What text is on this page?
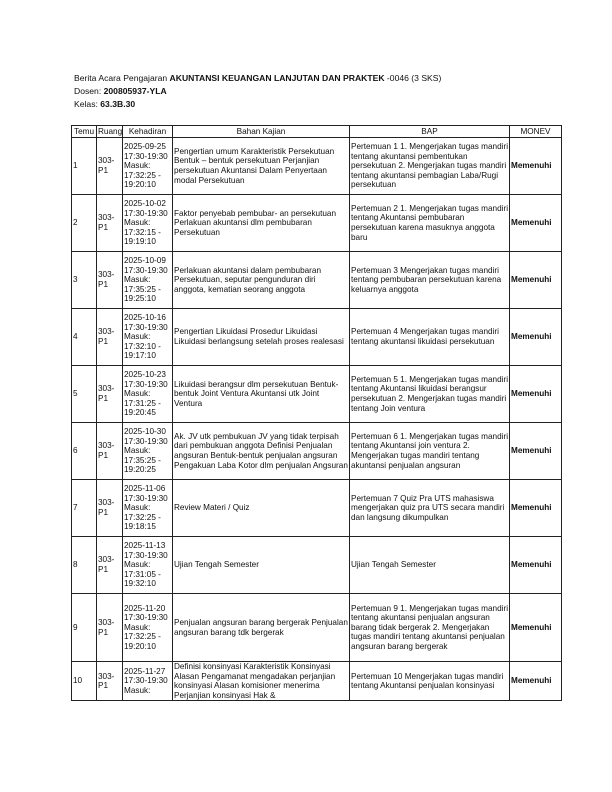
Berita Acara Pengajaran AKUNTANSI KEUANGAN LANJUTAN DAN PRAKTEK -0046 (3 SKS)
Dosen: 200805937-YLA
Kelas: 63.3B.30
Temu	Ruang	Kehadiran	Bahan Kajian	BAP	MONEV
1	303-P1	2025-09-25 17:30-19:30 Masuk: 17:32:25 - 19:20:10	Pengertian umum Karakteristik Persekutuan Bentuk – bentuk persekutuan Perjanjian persekutuan Akuntansi Dalam Penyertaan modal Persekutuan	Pertemuan 1 1. Mengerjakan tugas mandiri tentang akuntansi pembentukan persekutuan 2. Mengerjakan tugas mandiri tentang akuntansi pembagian Laba/Rugi persekutuan	Memenuhi
2	303-P1	2025-10-02 17:30-19:30 Masuk: 17:32:15 - 19:19:10	Faktor penyebab pembubar- an persekutuan Perlakuan akuntansi dlm pembubaran Persekutuan	Pertemuan 2 1. Mengerjakan tugas mandiri tentang Akuntansi pembubaran persekutuan karena masuknya anggota baru	Memenuhi
3	303-P1	2025-10-09 17:30-19:30 Masuk: 17:35:25 - 19:25:10	Perlakuan akuntansi dalam pembubaran Persekutuan, seputar pengunduran diri anggota, kematian seorang anggota	Pertemuan 3 Mengerjakan tugas mandiri tentang pembubaran persekutuan karena keluarnya anggota	Memenuhi
4	303-P1	2025-10-16 17:30-19:30 Masuk: 17:32:10 - 19:17:10	Pengertian Likuidasi Prosedur Likuidasi Likuidasi berlangsung setelah proses realesasi	Pertemuan 4 Mengerjakan tugas mandiri tentang akuntansi likuidasi persekutuan	Memenuhi
5	303-P1	2025-10-23 17:30-19:30 Masuk: 17:31:25 - 19:20:45	Likuidasi berangsur dlm persekutuan Bentuk-bentuk Joint Ventura Akuntansi utk Joint Ventura	Pertemuan 5 1. Mengerjakan tugas mandiri tentang Akuntansi likuidasi berangsur persekutuan 2. Mengerjakan tugas mandiri tentang Join ventura	Memenuhi
6	303-P1	2025-10-30 17:30-19:30 Masuk: 17:35:25 - 19:20:25	Ak. JV utk pembukuan JV yang tidak terpisah dari pembukuan anggota Definisi Penjualan angsuran Bentuk-bentuk penjualan angsuran Pengakuan Laba Kotor dlm penjualan Angsuran	Pertemuan 6 1. Mengerjakan tugas mandiri tentang Akuntansi join ventura 2. Mengerjakan tugas mandiri tentang akuntansi penjualan angsuran	Memenuhi
7	303-P1	2025-11-06 17:30-19:30 Masuk: 17:32:25 - 19:18:15	Review Materi / Quiz	Pertemuan 7 Quiz Pra UTS mahasiswa mengerjakan quiz pra UTS secara mandiri dan langsung dikumpulkan	Memenuhi
8	303-P1	2025-11-13 17:30-19:30 Masuk: 17:31:05 - 19:32:10	Ujian Tengah Semester	Ujian Tengah Semester	Memenuhi
9	303-P1	2025-11-20 17:30-19:30 Masuk: 17:32:25 - 19:20:10	Penjualan angsuran barang bergerak Penjualan angsuran barang tdk bergerak	Pertemuan 9 1. Mengerjakan tugas mandiri tentang akuntansi penjualan angsuran barang tidak bergerak 2. Mengerjakan tugas mandiri tentang akuntansi penjualan angsuran barang bergerak	Memenuhi
10	303-P1	2025-11-27 17:30-19:30 Masuk:	Definisi konsinyasi Karakteristik Konsinyasi Alasan Pengamanat mengadakan perjanjian konsinyasi Alasan komisioner menerima Perjanjian konsinyasi Hak &	Pertemuan 10 Mengerjakan tugas mandiri tentang Akuntansi penjualan konsinyasi	Memenuhi
